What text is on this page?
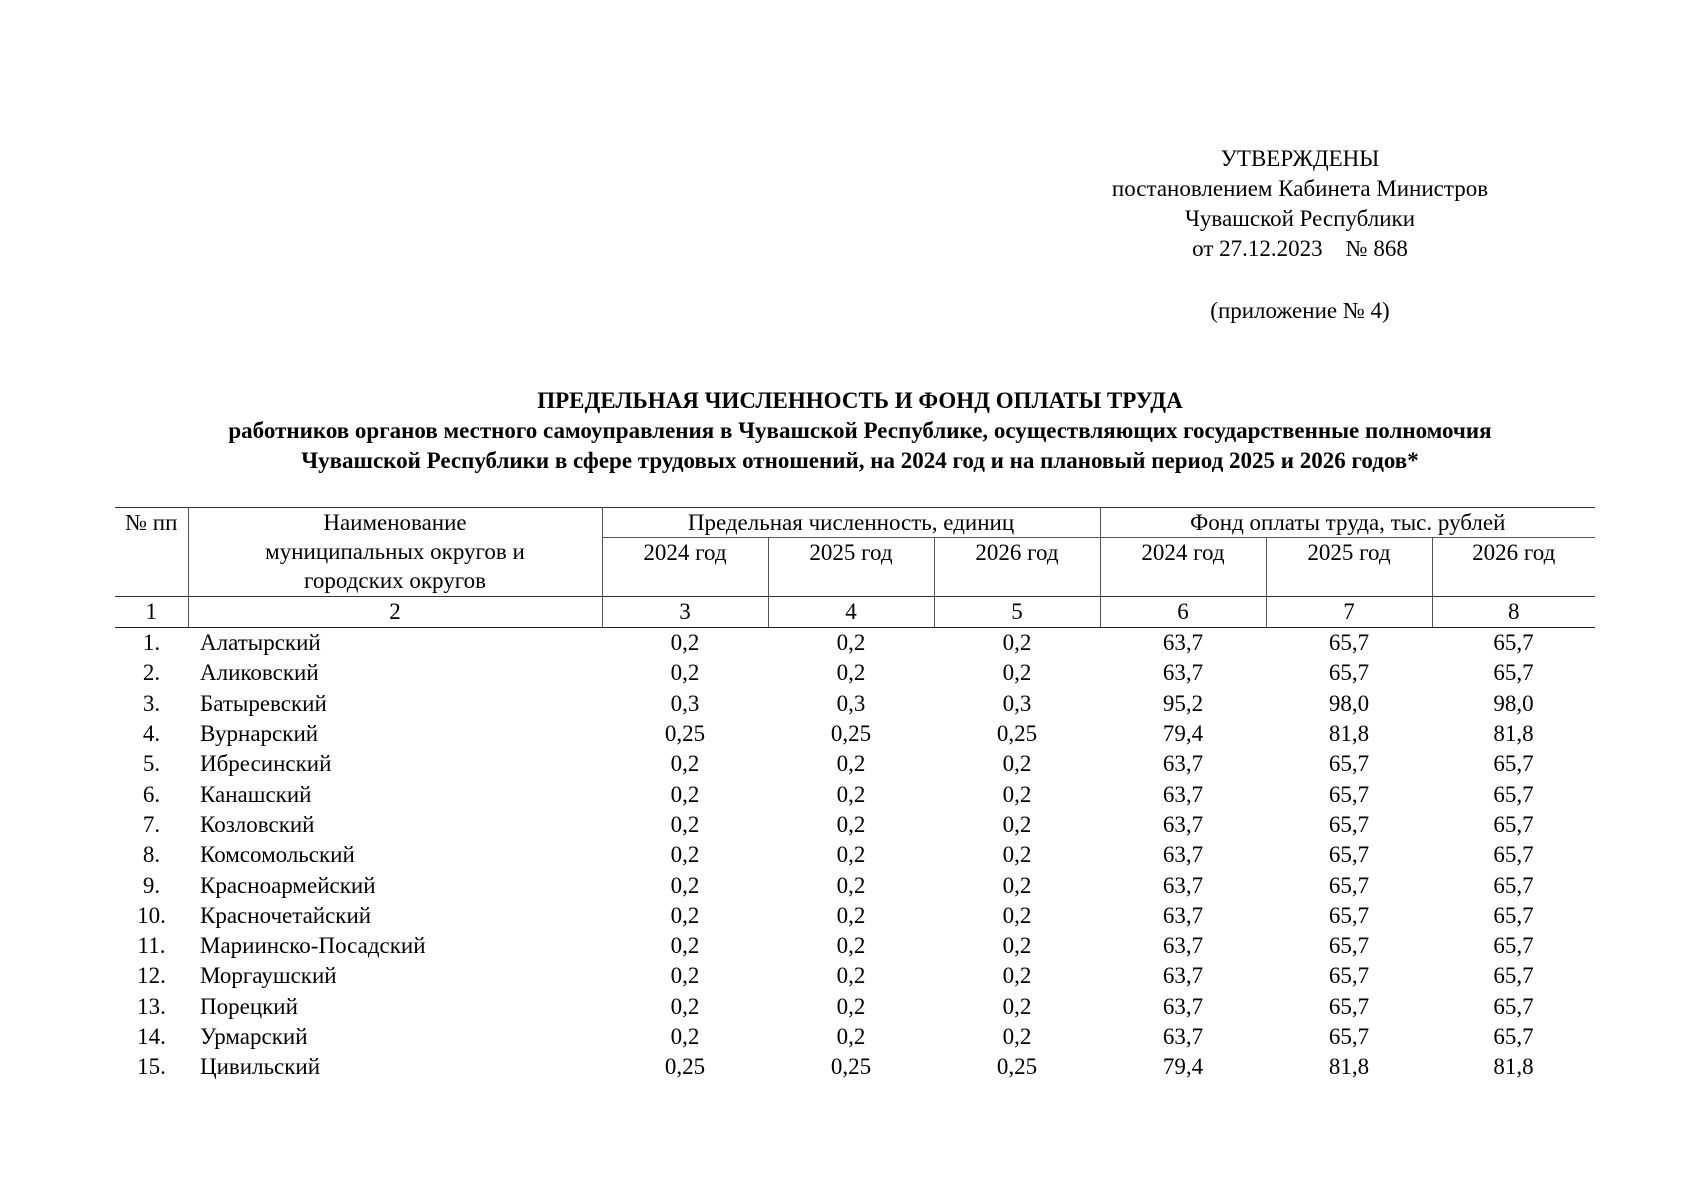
УТВЕРЖДЕНЫ
постановлением Кабинета Министров
Чувашской Республики
от 27.12.2023    № 868
(приложение № 4)
ПРЕДЕЛЬНАЯ ЧИСЛЕННОСТЬ И ФОНД ОПЛАТЫ ТРУДА
работников органов местного самоуправления в Чувашской Республике, осуществляющих государственные полномочия
Чувашской Республики в сфере трудовых отношений, на 2024 год и на плановый период 2025 и 2026 годов*
№ пп	Наименование муниципальных округов и городских округов	Предельная численность, единиц			Фонд оплаты труда, тыс. рублей		
		2024 год	2025 год	2026 год	2024 год	2025 год	2026 год
1	2	3	4	5	6	7	8
1.	Алатырский	0,2	0,2	0,2	63,7	65,7	65,7
2.	Аликовский	0,2	0,2	0,2	63,7	65,7	65,7
3.	Батыревский	0,3	0,3	0,3	95,2	98,0	98,0
4.	Вурнарский	0,25	0,25	0,25	79,4	81,8	81,8
5.	Ибресинский	0,2	0,2	0,2	63,7	65,7	65,7
6.	Канашский	0,2	0,2	0,2	63,7	65,7	65,7
7.	Козловский	0,2	0,2	0,2	63,7	65,7	65,7
8.	Комсомольский	0,2	0,2	0,2	63,7	65,7	65,7
9.	Красноармейский	0,2	0,2	0,2	63,7	65,7	65,7
10.	Красночетайский	0,2	0,2	0,2	63,7	65,7	65,7
11.	Мариинско-Посадский	0,2	0,2	0,2	63,7	65,7	65,7
12.	Моргаушский	0,2	0,2	0,2	63,7	65,7	65,7
13.	Порецкий	0,2	0,2	0,2	63,7	65,7	65,7
14.	Урмарский	0,2	0,2	0,2	63,7	65,7	65,7
15.	Цивильский	0,25	0,25	0,25	79,4	81,8	81,8
